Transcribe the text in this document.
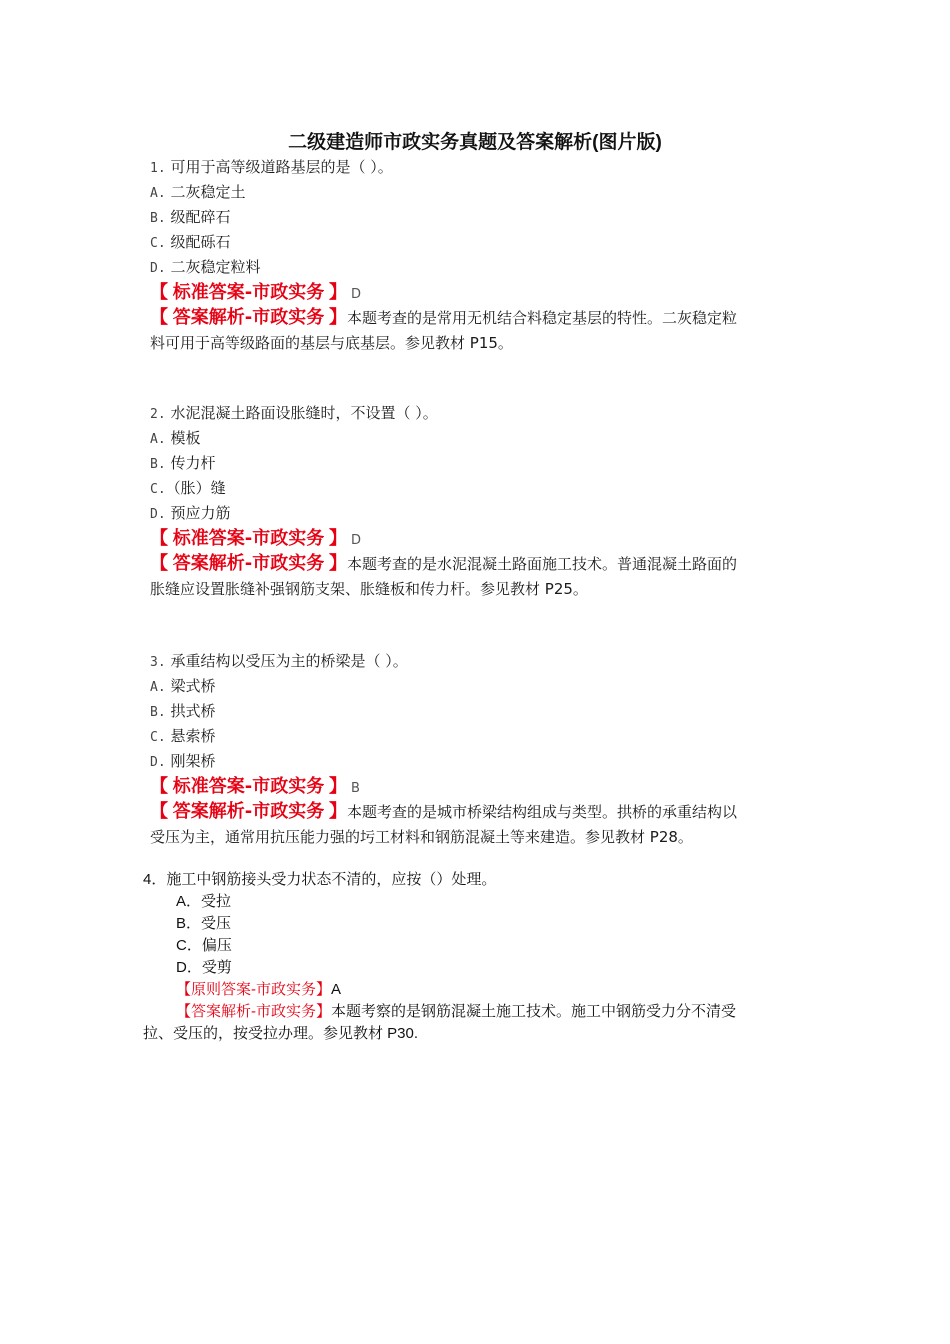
二级建造师市政实务真题及答案解析(图片版)
1. 可用于高等级道路基层的是（ ）。
A. 二灰稳定土
B. 级配碎石
C. 级配砾石
D. 二灰稳定粒料
【 标准答案-市政实务 】 D
【 答案解析-市政实务 】本题考查的是常用无机结合料稳定基层的特性。二灰稳定粒
料可用于高等级路面的基层与底基层。参见教材 P15。
2. 水泥混凝土路面设胀缝时，不设置（ ）。
A. 模板
B. 传力杆
C.（胀）缝
D. 预应力筋
【 标准答案-市政实务 】 D
【 答案解析-市政实务 】本题考查的是水泥混凝土路面施工技术。普通混凝土路面的
胀缝应设置胀缝补强钢筋支架、胀缝板和传力杆。参见教材 P25。
3. 承重结构以受压为主的桥梁是（ ）。
A. 梁式桥
B. 拱式桥
C. 悬索桥
D. 刚架桥
【 标准答案-市政实务 】 B
【 答案解析-市政实务 】本题考查的是城市桥梁结构组成与类型。拱桥的承重结构以
受压为主，通常用抗压能力强的圬工材料和钢筋混凝土等来建造。参见教材 P28。
4．施工中钢筋接头受力状态不清的，应按（）处理。
A．受拉
B．受压
C．偏压
D．受剪
【原则答案-市政实务】A
【答案解析-市政实务】本题考察的是钢筋混凝土施工技术。施工中钢筋受力分不清受
拉、受压的，按受拉办理。参见教材 P30.
